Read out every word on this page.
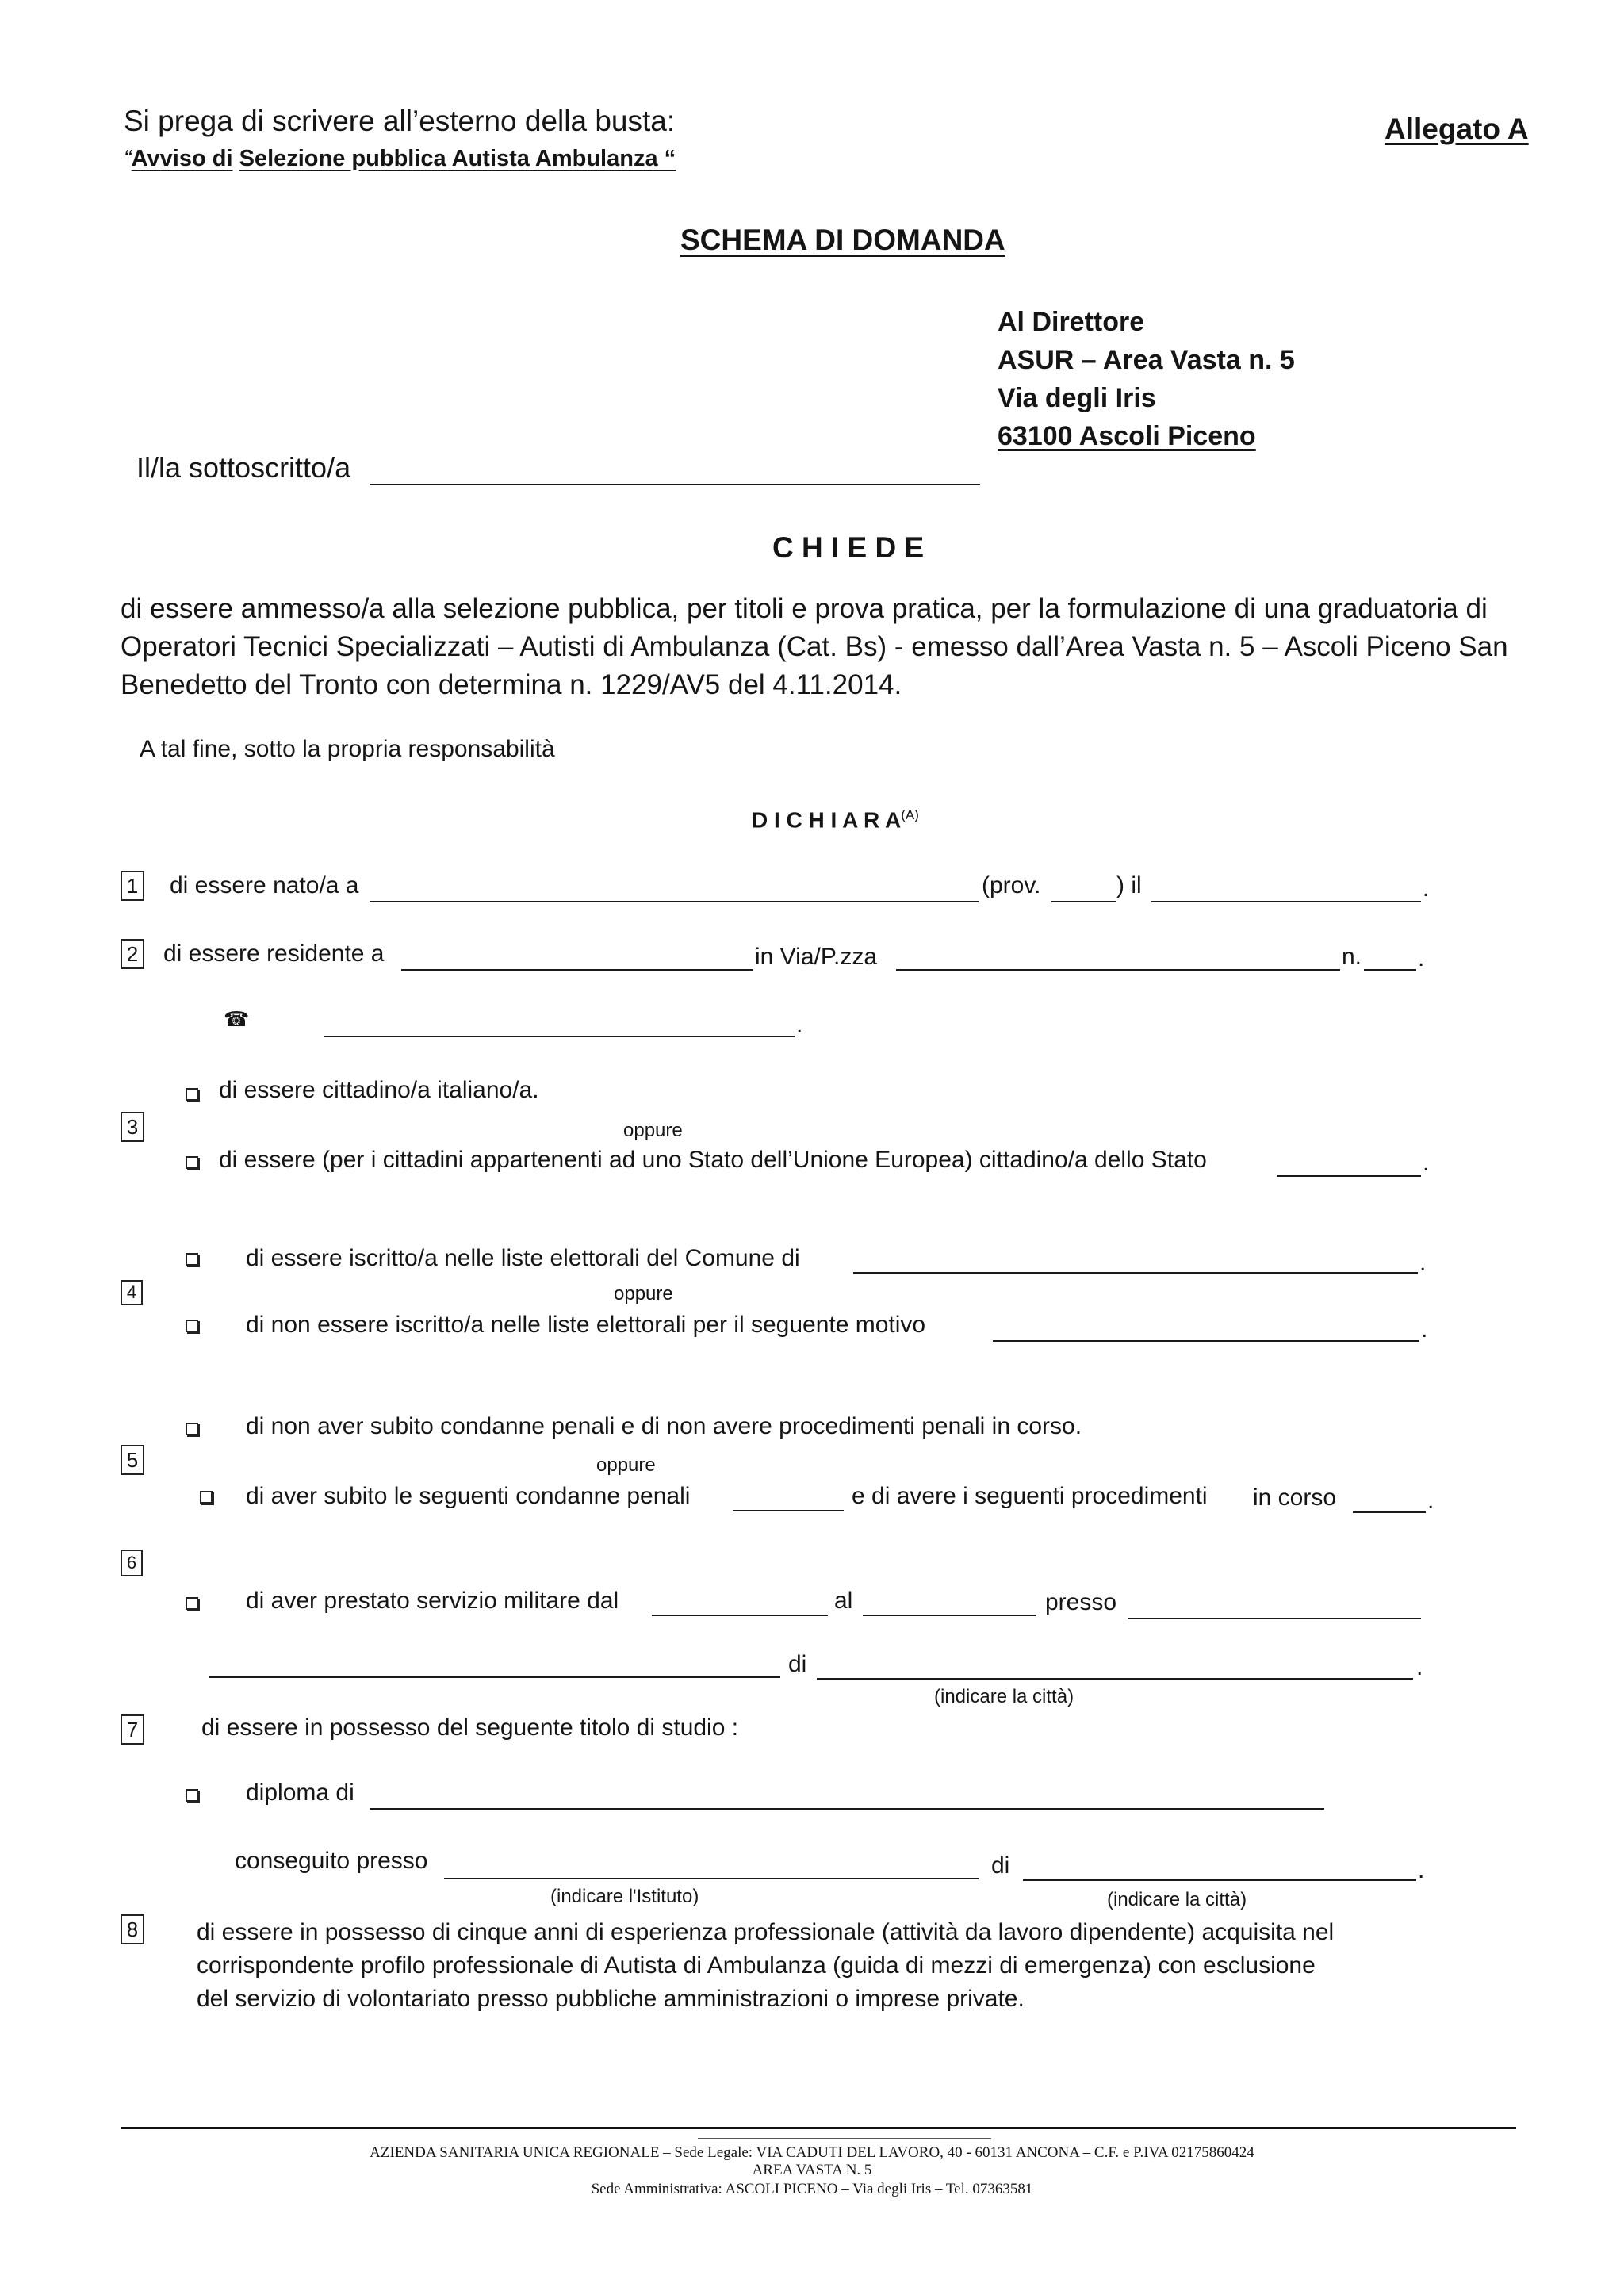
Si prega di scrivere all’esterno della busta:
“Avviso di Selezione pubblica Autista Ambulanza “
Allegato A
SCHEMA DI DOMANDA
Al Direttore
ASUR – Area Vasta n. 5
Via degli Iris
63100 Ascoli Piceno
Il/la sottoscritto/a
C H I E D E
di essere ammesso/a alla selezione pubblica, per titoli e prova pratica, per la formulazione di una graduatoria di
Operatori Tecnici Specializzati – Autisti di Ambulanza (Cat. Bs) - emesso dall’Area Vasta n. 5 – Ascoli Piceno San
Benedetto del Tronto con determina n. 1229/AV5 del 4.11.2014.
A tal fine, sotto la propria responsabilità
D I C H I A R $A^{(A)}$
1 di essere nato/a a	(prov.	) il	.
2 di essere residente a	in Via/P.zza	n. .
☎	.
di essere cittadino/a italiano/a.
3	oppure
di essere (per i cittadini appartenenti ad uno Stato dell’Unione Europea) cittadino/a dello Stato	.
di essere iscritto/a nelle liste elettorali del Comune di	.
4	oppure
di non essere iscritto/a nelle liste elettorali per il seguente motivo	.
di non aver subito condanne penali e di non avere procedimenti penali in corso.
5	oppure
di aver subito le seguenti condanne penali	e di avere i seguenti procedimenti in corso	.
6
di aver prestato servizio militare dal	al	presso
di	.
(indicare la città)
7	di essere in possesso del seguente titolo di studio :
diploma di
conseguito presso	di	.
(indicare l'Istituto)	(indicare la città)
8 di essere in possesso di cinque anni di esperienza professionale (attività da lavoro dipendente) acquisita nel
corrispondente profilo professionale di Autista di Ambulanza (guida di mezzi di emergenza) con esclusione
del servizio di volontariato presso pubbliche amministrazioni o imprese private.
AZIENDA SANITARIA UNICA REGIONALE – Sede Legale: VIA CADUTI DEL LAVORO, 40 - 60131 ANCONA – C.F. e P.IVA 02175860424
AREA VASTA N. 5
Sede Amministrativa: ASCOLI PICENO – Via degli Iris – Tel. 07363581
